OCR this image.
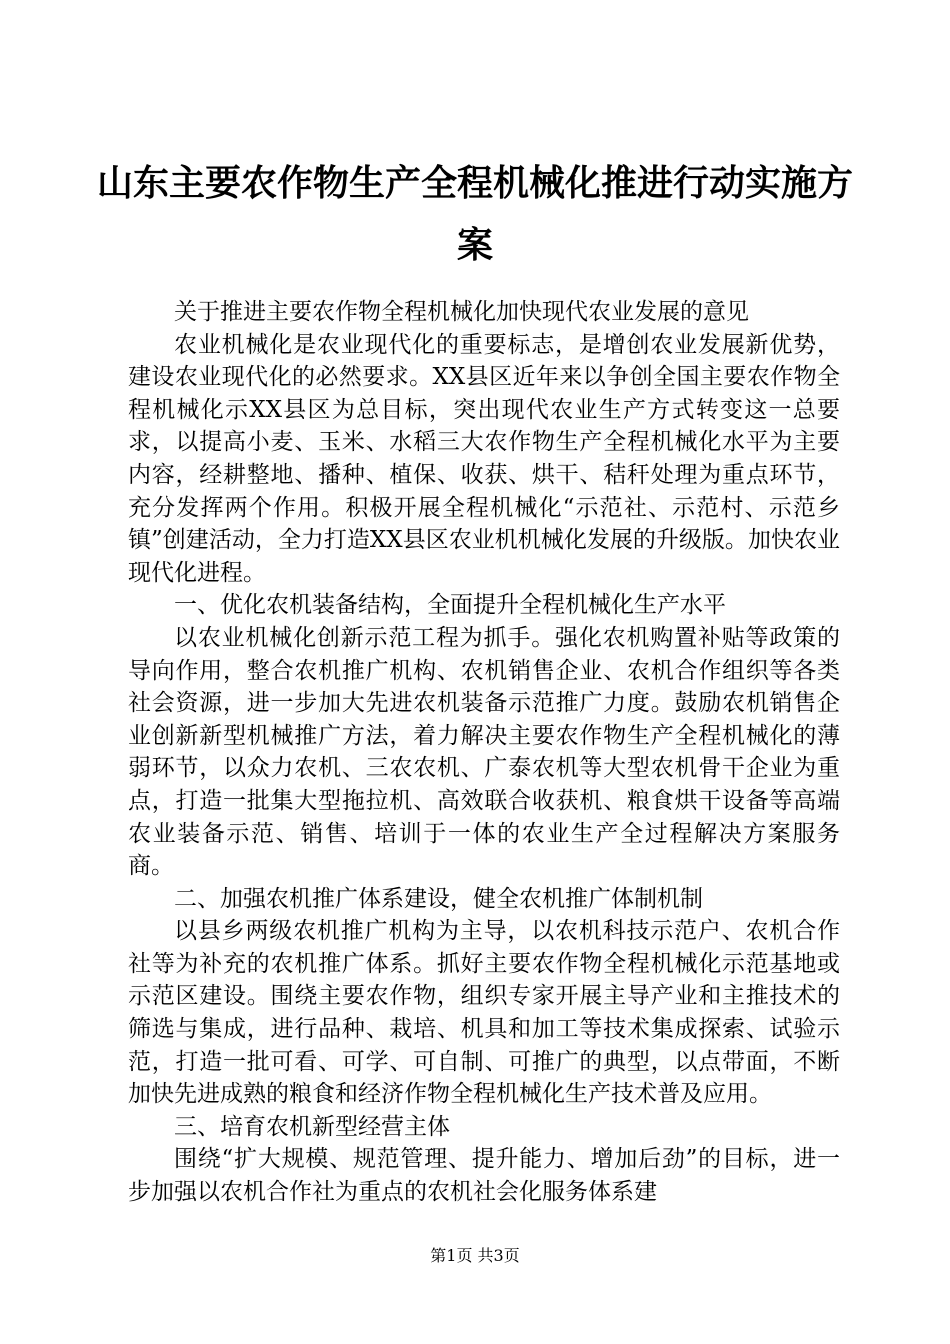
山东主要农作物生产全程机械化推进行动实施方案

关于推进主要农作物全程机械化加快现代农业发展的意见

农业机械化是农业现代化的重要标志，是增创农业发展新优势，建设农业现代化的必然要求。XX县区近年来以争创全国主要农作物全程机械化示XX县区为总目标，突出现代农业生产方式转变这一总要求，以提高小麦、玉米、水稻三大农作物生产全程机械化水平为主要内容，经耕整地、播种、植保、收获、烘干、秸秆处理为重点环节，充分发挥两个作用。积极开展全程机械化“示范社、示范村、示范乡镇”创建活动，全力打造XX县区农业机机械化发展的升级版。加快农业现代化进程。

一、优化农机装备结构，全面提升全程机械化生产水平

以农业机械化创新示范工程为抓手。强化农机购置补贴等政策的导向作用，整合农机推广机构、农机销售企业、农机合作组织等各类社会资源，进一步加大先进农机装备示范推广力度。鼓励农机销售企业创新新型机械推广方法，着力解决主要农作物生产全程机械化的薄弱环节，以众力农机、三农农机、广泰农机等大型农机骨干企业为重点，打造一批集大型拖拉机、高效联合收获机、粮食烘干设备等高端农业装备示范、销售、培训于一体的农业生产全过程解决方案服务商。

二、加强农机推广体系建设，健全农机推广体制机制

以县乡两级农机推广机构为主导，以农机科技示范户、农机合作社等为补充的农机推广体系。抓好主要农作物全程机械化示范基地或示范区建设。围绕主要农作物，组织专家开展主导产业和主推技术的筛选与集成，进行品种、栽培、机具和加工等技术集成探索、试验示范，打造一批可看、可学、可自制、可推广的典型，以点带面，不断加快先进成熟的粮食和经济作物全程机械化生产技术普及应用。

三、培育农机新型经营主体

围绕“扩大规模、规范管理、提升能力、增加后劲”的目标，进一步加强以农机合作社为重点的农机社会化服务体系建

第1页 共3页
